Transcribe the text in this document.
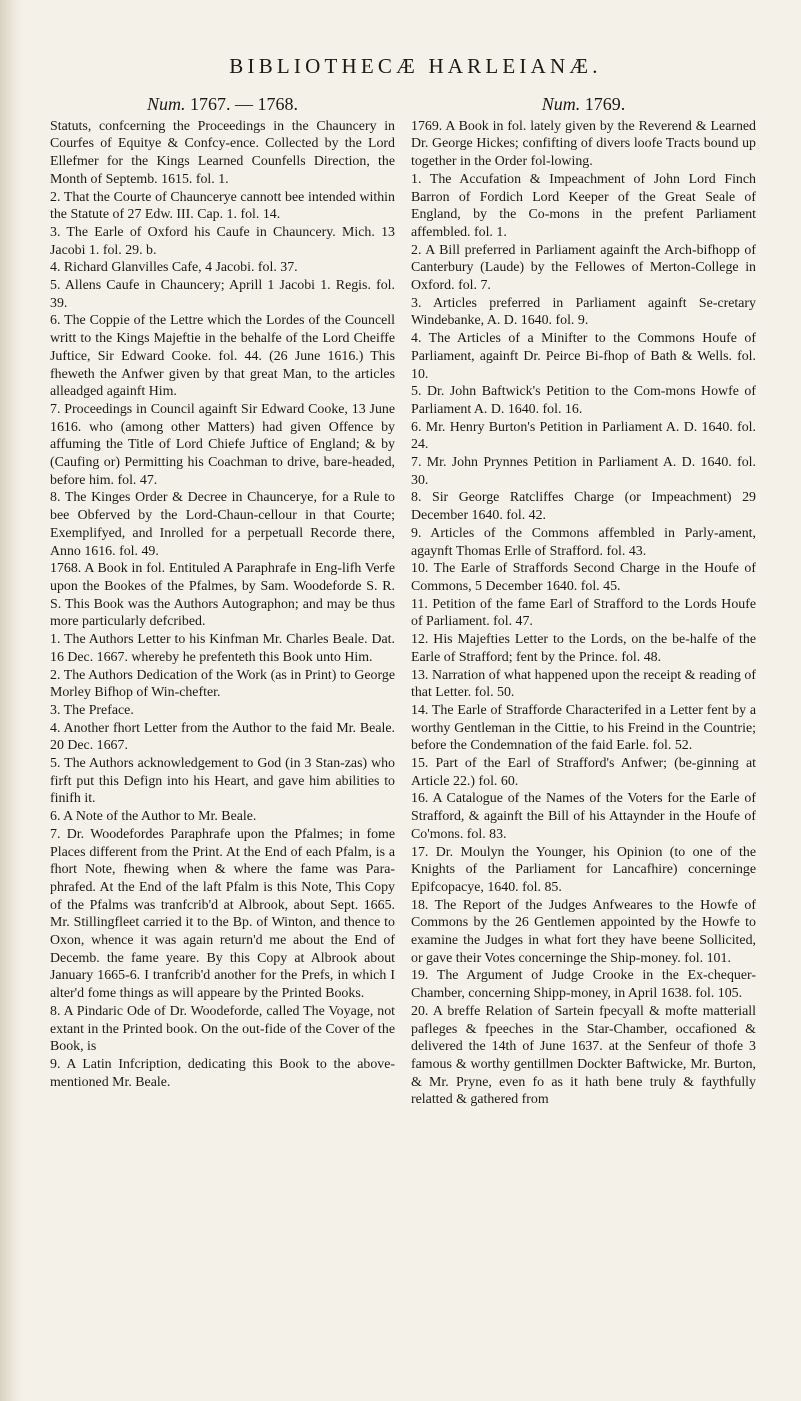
BIBLIOTHECÆ HARLEIANÆ.
Num. 1767. — 1768.

Statuts, confcerning the Proceedings in the Chauncery in Courfes of Equitye & Confcy-ence. Collected by the Lord Ellefmer for the Kings Learned Counfells Direction, the Month of Septemb. 1615. fol. 1.

2. That the Courte of Chaunceryе cannott bee intended within the Statute of 27 Edw. III. Cap. 1. fol. 14.

3. The Earle of Oxford his Caufe in Chauncery. Mich. 13 Jacobi 1. fol. 29. b.

4. Richard Glanvilles Cafe, 4 Jacobi. fol. 37.

5. Allens Caufe in Chauncery; Aprill 1 Jacobi 1. Regis. fol. 39.

6. The Coppie of the Lettre which the Lordes of the Councell writt to the Kings Majeftie in the behalfe of the Lord Cheiffe Juftice, Sir Edward Cooke. fol. 44. (26 June 1616.) This fheweth the Anfwer given by that great Man, to the articles alleadged againft Him.

7. Proceedings in Council againft Sir Edward Cooke, 13 June 1616. who (among other Matters) had given Offence by affuming the Title of Lord Chiefe Juftice of England; & by (Caufing or) Permitting his Coachman to drive, bare-headed, before him. fol. 47.

8. The Kinges Order & Decree in Chauncerye, for a Rule to bee Obferved by the Lord-Chaun-cellour in that Courte; Exemplifyed, and Inrolled for a perpetuall Recorde there, Anno 1616. fol. 49.

1768. A Book in fol. Entituled A Paraphrafe in Eng-lifh Verfe upon the Bookes of the Pfalmes, by Sam. Woodeforde S. R. S. This Book was the Authors Autographon; and may be thus more particularly defcribed.

1. The Authors Letter to his Kinfman Mr. Charles Beale. Dat. 16 Dec. 1667. whereby he prefenteth this Book unto Him.

2. The Authors Dedication of the Work (as in Print) to George Morley Bifhop of Win-chefter.

3. The Preface.

4. Another fhort Letter from the Author to the faid Mr. Beale. 20 Dec. 1667.

5. The Authors acknowledgement to God (in 3 Stan-zas) who firft put this Defign into his Heart, and gave him abilities to finifh it.

6. A Note of the Author to Mr. Beale.

7. Dr. Woodefordes Paraphrafe upon the Pfalmes; in fome Places different from the Print. At the End of each Pfalm, is a fhort Note, fhewing when & where the fame was Para-phrafed. At the End of the laft Pfalm is this Note, This Copy of the Pfalms was tranfcrib'd at Albrook, about Sept. 1665. Mr. Stillingfleet carried it to the Bp. of Winton, and thence to Oxon, whence it was again return'd me about the End of Decemb. the fame yeare. By this Copy at Albrook about January 1665-6. I tranfcrib'd another for the Prefs, in which I alter'd fome things as will appeare by the Printed Books.

8. A Pindaric Ode of Dr. Woodeforde, called The Voyage, not extant in the Printed book. On the out-fide of the Cover of the Book, is

9. A Latin Infcription, dedicating this Book to the above-mentioned Mr. Beale.

Num. 1769.

1769. A Book in fol. lately given by the Reverend & Learned Dr. George Hickes; confifting of divers loofe Tracts bound up together in the Order fol-lowing.

1. The Accufation & Impeachment of John Lord Finch Barron of Fordich Lord Keeper of the Great Seale of England, by the Co-mons in the prefent Parliament affembled. fol. 1.

2. A Bill preferred in Parliament againft the Arch-bifhopp of Canterbury (Laude) by the Fellowes of Merton-College in Oxford. fol. 7.

3. Articles preferred in Parliament againft Se-cretary Windebanke, A. D. 1640. fol. 9.

4. The Articles of a Minifter to the Commons Houfe of Parliament, againft Dr. Peirce Bi-fhop of Bath & Wells. fol. 10.

5. Dr. John Baftwick's Petition to the Com-mons Howfe of Parliament A. D. 1640. fol. 16.

6. Mr. Henry Burton's Petition in Parliament A. D. 1640. fol. 24.

7. Mr. John Prynnes Petition in Parliament A. D. 1640. fol. 30.

8. Sir George Ratcliffes Charge (or Impeachment) 29 December 1640. fol. 42.

9. Articles of the Commons affembled in Parly-ament, agaynft Thomas Erlle of Strafford. fol. 43.

10. The Earle of Straffords Second Charge in the Houfe of Commons, 5 December 1640. fol. 45.

11. Petition of the fame Earl of Strafford to the Lords Houfe of Parliament. fol. 47.

12. His Majefties Letter to the Lords, on the be-halfe of the Earle of Strafford; fent by the Prince. fol. 48.

13. Narration of what happened upon the receipt & reading of that Letter. fol. 50.

14. The Earle of Strafforde Characterifed in a Letter fent by a worthy Gentleman in the Cittie, to his Freind in the Countrie; before the Condemnation of the faid Earle. fol. 52.

15. Part of the Earl of Strafford's Anfwer; (be-ginning at Article 22.) fol. 60.

16. A Catalogue of the Names of the Voters for the Earle of Strafford, & againft the Bill of his Attaynder in the Houfe of Co'mons. fol. 83.

17. Dr. Moulyn the Younger, his Opinion (to one of the Knights of the Parliament for Lancafhire) concerninge Epifcopacye, 1640. fol. 85.

18. The Report of the Judges Anfweares to the Howfe of Commons by the 26 Gentlemen appointed by the Howfe to examine the Judges in what fort they have beene Sollicited, or gave their Votes concerninge the Ship-money. fol. 101.

19. The Argument of Judge Crooke in the Ex-chequer-Chamber, concerning Shipp-money, in April 1638. fol. 105.

20. A breffe Relation of Sartein fpecyall & mofte matteriall pafleges & fpeeches in the Star-Chamber, occafioned & delivered the 14th of June 1637. at the Senfeur of thofe 3 famous & worthy gentillmen Dockter Baftwicke, Mr. Burton, & Mr. Pryne, even fo as it hath bene truly & faythfully relatted & gathered from
